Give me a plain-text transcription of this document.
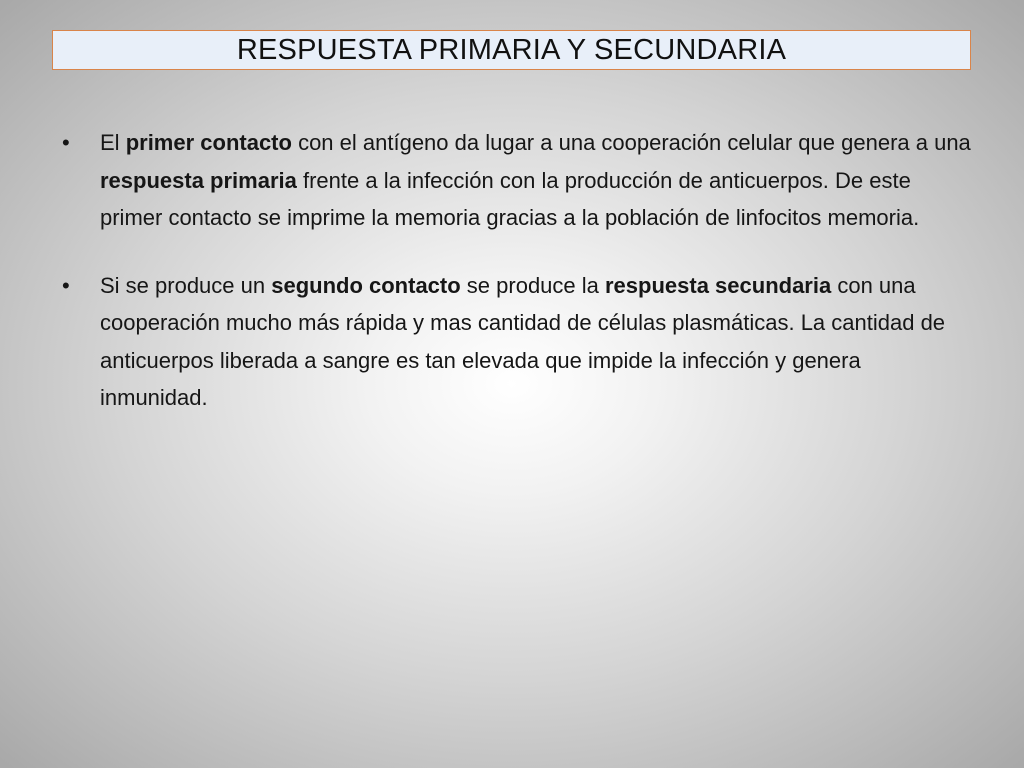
RESPUESTA PRIMARIA Y SECUNDARIA
• El primer contacto con el antígeno da lugar a una cooperación celular que genera a una respuesta primaria frente a la infección con la producción de anticuerpos. De este primer contacto se imprime la memoria gracias a la población de linfocitos memoria.
• Si se produce un segundo contacto se produce la respuesta secundaria con una cooperación mucho más rápida y mas cantidad de células plasmáticas. La cantidad de anticuerpos liberada a sangre es tan elevada que impide la infección y genera inmunidad.
